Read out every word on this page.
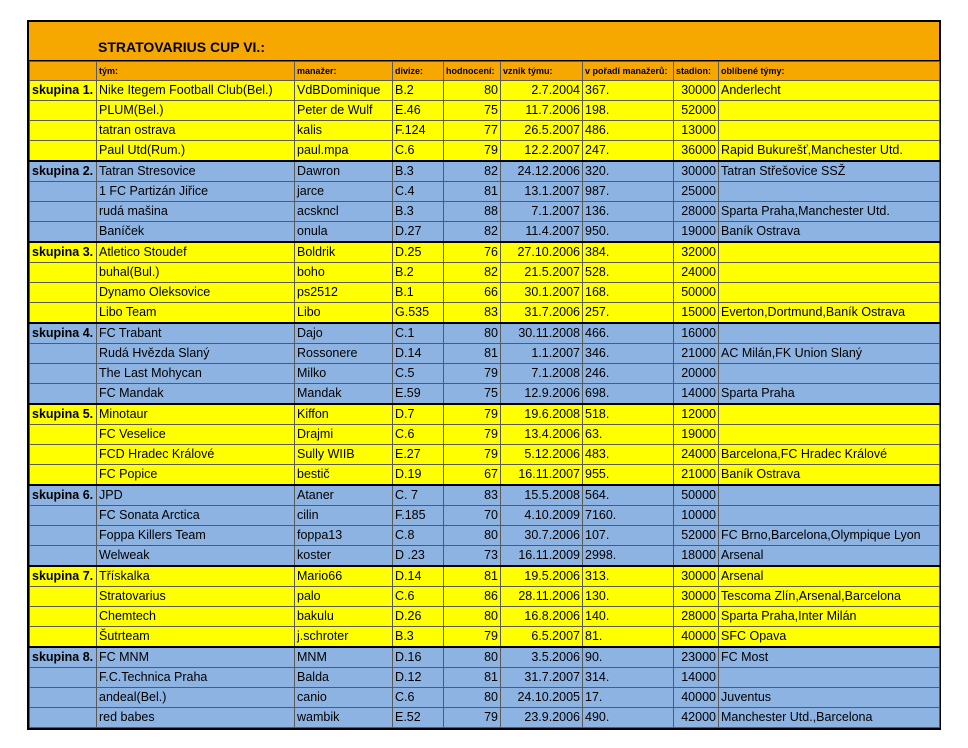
STRATOVARIUS CUP VI.:
	tým:	manažer:	divize:	hodnocení:	vznik týmu:	v pořadí manažerů:	stadion:	oblíbené týmy:
skupina 1.	Nike Itegem Football Club(Bel.)	VdBDominique	B.2	80	2.7.2004	367.	30000	Anderlecht
	PLUM(Bel.)	Peter de Wulf	E.46	75	11.7.2006	198.	52000	
	tatran ostrava	kalis	F.124	77	26.5.2007	486.	13000	
	Paul Utd(Rum.)	paul.mpa	C.6	79	12.2.2007	247.	36000	Rapid Bukurešť,Manchester Utd.
skupina 2.	Tatran Stresovice	Dawron	B.3	82	24.12.2006	320.	30000	Tatran Střešovice SSŽ
	1 FC Partizán Jiřice	jarce	C.4	81	13.1.2007	987.	25000	
	rudá mašina	acskncl	B.3	88	7.1.2007	136.	28000	Sparta Praha,Manchester Utd.
	Baníček	onula	D.27	82	11.4.2007	950.	19000	Baník Ostrava
skupina 3.	Atletico Stoudef	Boldrik	D.25	76	27.10.2006	384.	32000	
	buhal(Bul.)	boho	B.2	82	21.5.2007	528.	24000	
	Dynamo Oleksovice	ps2512	B.1	66	30.1.2007	168.	50000	
	Libo Team	Libo	G.535	83	31.7.2006	257.	15000	Everton,Dortmund,Baník Ostrava
skupina 4.	FC Trabant	Dajo	C.1	80	30.11.2008	466.	16000	
	Rudá Hvězda Slaný	Rossonere	D.14	81	1.1.2007	346.	21000	AC Milán,FK Union Slaný
	The Last Mohycan	Milko	C.5	79	7.1.2008	246.	20000	
	FC Mandak	Mandak	E.59	75	12.9.2006	698.	14000	Sparta Praha
skupina 5.	Minotaur	Kiffon	D.7	79	19.6.2008	518.	12000	
	FC Veselice	Drajmi	C.6	79	13.4.2006	63.	19000	
	FCD Hradec Králové	Sully WIIB	E.27	79	5.12.2006	483.	24000	Barcelona,FC Hradec Králové
	FC Popice	bestič	D.19	67	16.11.2007	955.	21000	Baník Ostrava
skupina 6.	JPD	Ataner	C. 7	83	15.5.2008	564.	50000	
	FC Sonata Arctica	cilin	F.185	70	4.10.2009	7160.	10000	
	Foppa Killers Team	foppa13	C.8	80	30.7.2006	107.	52000	FC Brno,Barcelona,Olympique Lyon
	Welweak	koster	D .23	73	16.11.2009	2998.	18000	Arsenal
skupina 7.	Třískalka	Mario66	D.14	81	19.5.2006	313.	30000	Arsenal
	Stratovarius	palo	C.6	86	28.11.2006	130.	30000	Tescoma Zlín,Arsenal,Barcelona
	Chemtech	bakulu	D.26	80	16.8.2006	140.	28000	Sparta Praha,Inter Milán
	Šutrteam	j.schroter	B.3	79	6.5.2007	81.	40000	SFC Opava
skupina 8.	FC MNM	MNM	D.16	80	3.5.2006	90.	23000	FC Most
	F.C.Technica Praha	Balda	D.12	81	31.7.2007	314.	14000	
	andeal(Bel.)	canio	C.6	80	24.10.2005	17.	40000	Juventus
	red babes	wambik	E.52	79	23.9.2006	490.	42000	Manchester Utd.,Barcelona
